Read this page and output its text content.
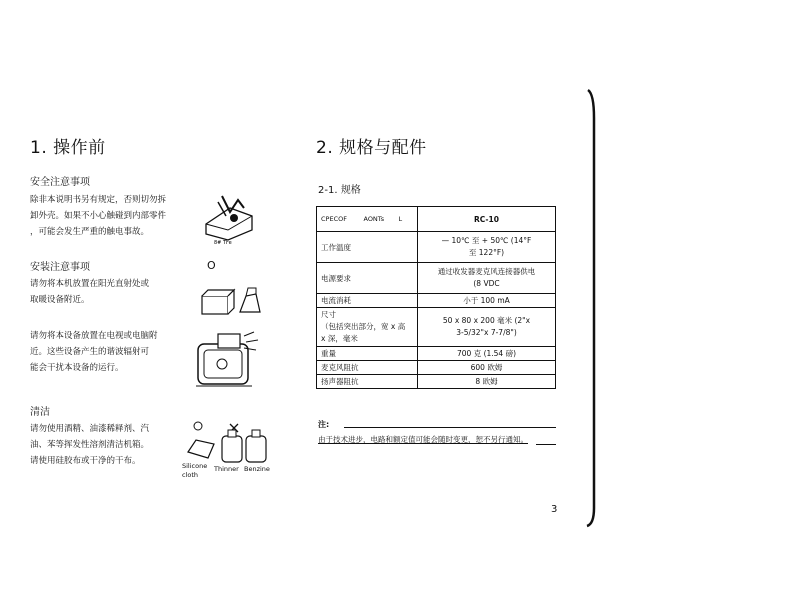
1. 操作前
安全注意事项
除非本说明书另有规定，否则切勿拆
卸外壳。如果不小心触碰到内部零件
，可能会发生严重的触电事故。
安装注意事项
请勿将本机放置在阳光直射处或
取暖设备附近。
请勿将本设备放置在电视或电脑附
近。这些设备产生的谐波辐射可
能会干扰本设备的运行。
清洁
请勿使用酒精、油漆稀释剂、汽
油、苯等挥发性溶剂清洁机箱。
请使用硅胶布或干净的干布。
8# TFe
O
Silicone
cloth
Thinner Benzine
2. 规格与配件
2-1. 规格
CPECOF        AONTs       L	RC-10
工作温度	— 10℃ 至 + 50℃ (14°F
至 122°F)
电源要求	通过收发器麦克风连接器供电
(8 VDC
电流消耗	小于 100 mA
尺寸
（包括突出部分，宽 x 高
x 深，毫米	50 x 80 x 200 毫米 (2"x
3-5/32"x 7-7/8")
重量	700 克 (1.54 磅)
麦克风阻抗	600 欧姆
扬声器阻抗	8 欧姆
注:
由于技术进步，电路和额定值可能会随时变更，恕不另行通知。
3
